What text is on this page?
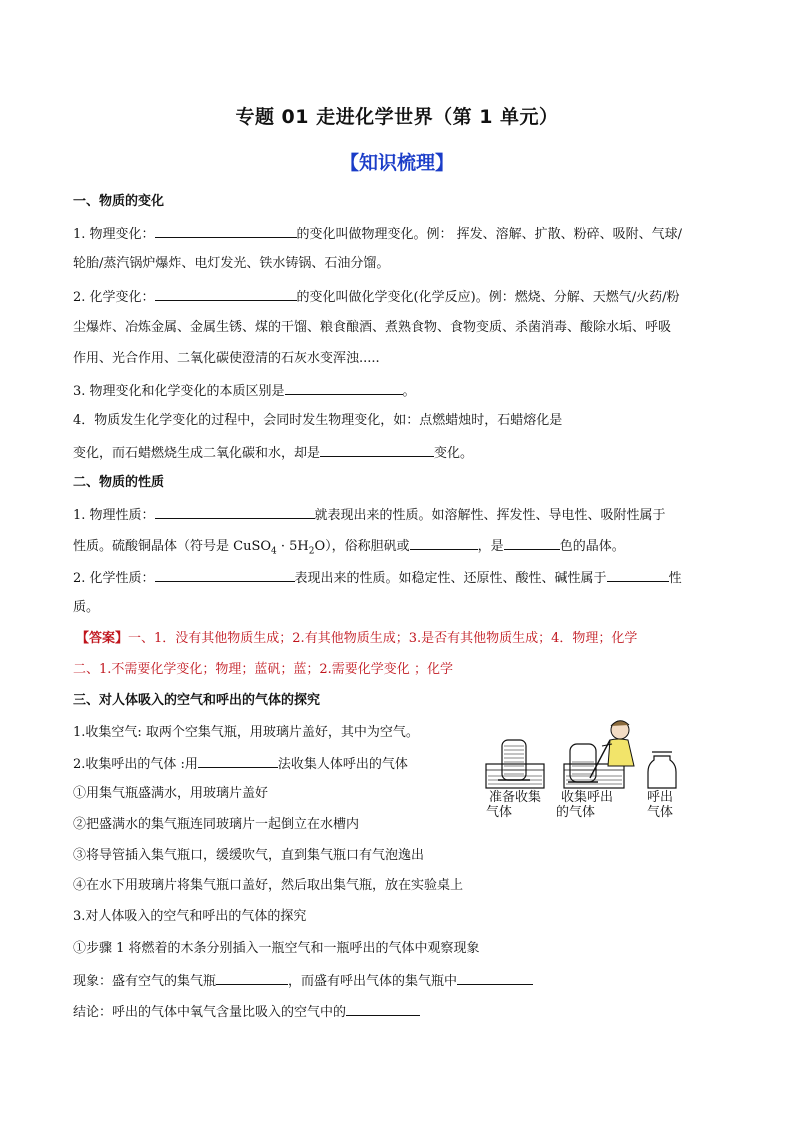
专题 01 走进化学世界（第 1 单元）
【知识梳理】
一、物质的变化
1. 物理变化：	的变化叫做物理变化。例： 挥发、溶解、扩散、粉碎、吸附、气球/
轮胎/蒸汽锅炉爆炸、电灯发光、铁水铸锅、石油分馏。
2. 化学变化：	的变化叫做化学变化(化学反应)。例：燃烧、分解、天燃气/火药/粉
尘爆炸、冶炼金属、金属生锈、煤的干馏、粮食酿酒、煮熟食物、食物变质、杀菌消毒、酸除水垢、呼吸
作用、光合作用、二氧化碳使澄清的石灰水变浑浊.....
3. 物理变化和化学变化的本质区别是	。
4．物质发生化学变化的过程中，会同时发生物理变化，如：点燃蜡烛时，石蜡熔化是
变化，而石蜡燃烧生成二氧化碳和水，却是	变化。
二、物质的性质
1. 物理性质：	就表现出来的性质。如溶解性、挥发性、导电性、吸附性属于
性质。硫酸铜晶体（符号是 CuSO$_4$ · $5H_2O$），俗称胆矾或	，是	色的晶体。
2. 化学性质：	表现出来的性质。如稳定性、还原性、酸性、碱性属于	性
质。
【答案】一、1．没有其他物质生成；2.有其他物质生成；3.是否有其他物质生成；4．物理；化学
二、1.不需要化学变化；物理；蓝矾；蓝；2.需要化学变化 ；化学
三、对人体吸入的空气和呼出的气体的探究
1.收集空气: 取两个空集气瓶，用玻璃片盖好，其中为空气。
2.收集呼出的气体 :用	法收集人体呼出的气体
①用集气瓶盛满水，用玻璃片盖好
②把盛满水的集气瓶连同玻璃片一起倒立在水槽内
③将导管插入集气瓶口，缓缓吹气，直到集气瓶口有气泡逸出
④在水下用玻璃片将集气瓶口盖好，然后取出集气瓶，放在实验桌上
3.对人体吸入的空气和呼出的气体的探究
①步骤 1 将燃着的木条分别插入一瓶空气和一瓶呼出的气体中观察现象
现象：盛有空气的集气瓶	，而盛有呼出气体的集气瓶中
结论：呼出的气体中氧气含量比吸入的空气中的
准备收集
气体
收集呼出
的气体
呼出
气体
